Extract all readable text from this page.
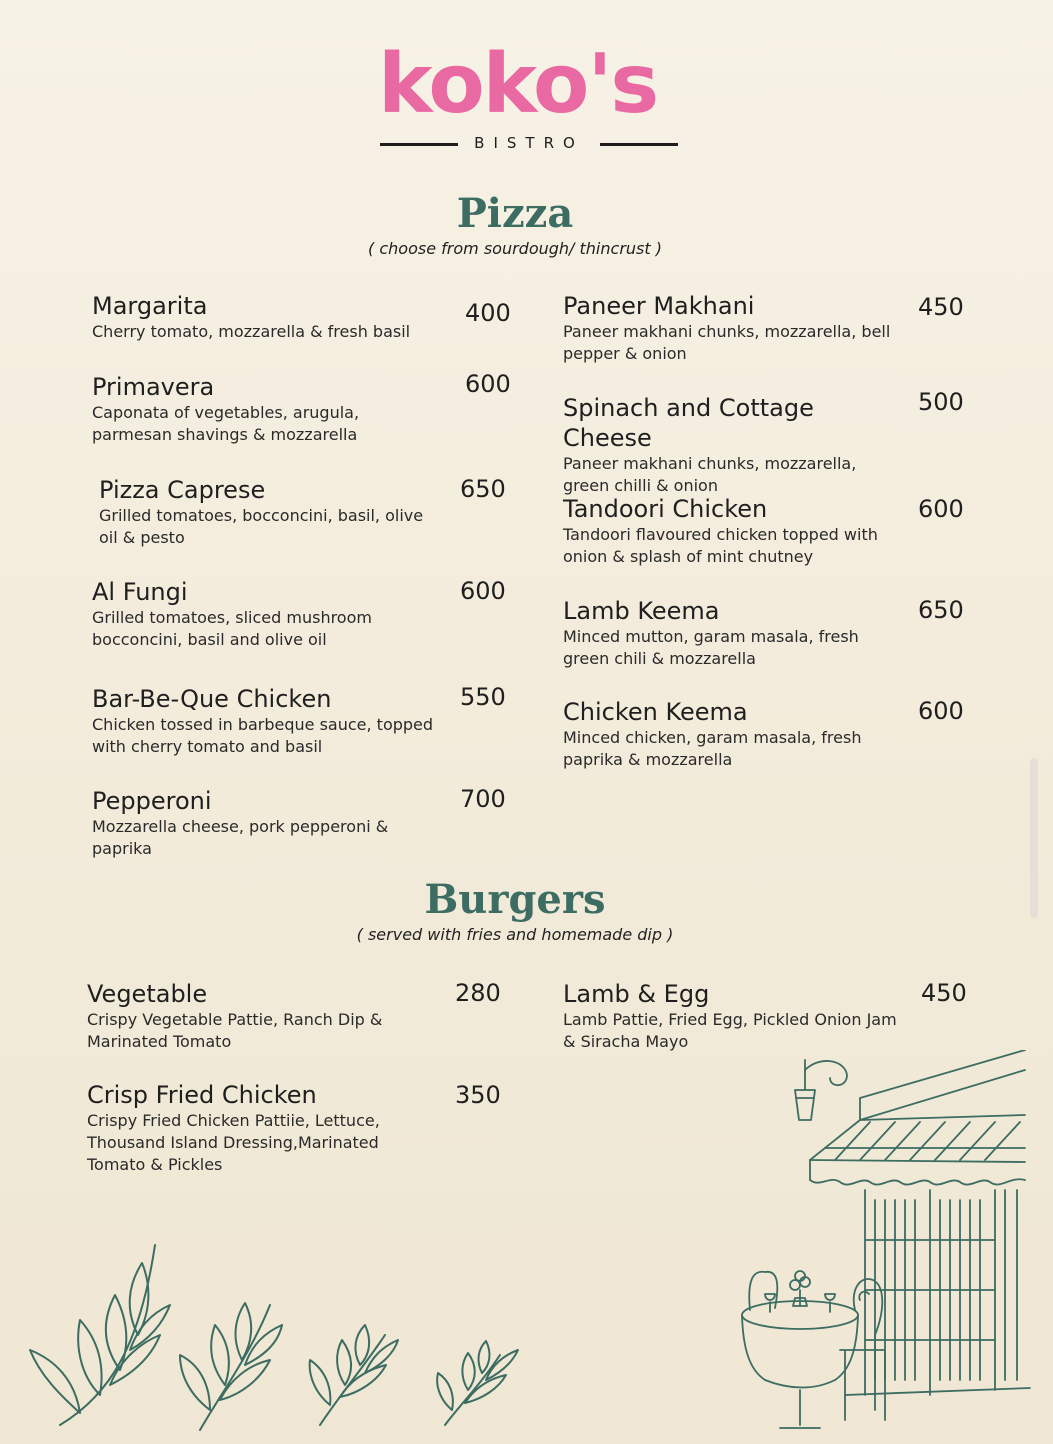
koko's
BISTRO
Pizza
( choose from sourdough/ thincrust )
Margarita
Cherry tomato, mozzarella & fresh basil
400
Primavera
Caponata of vegetables, arugula, parmesan shavings & mozzarella
600
Pizza Caprese
Grilled tomatoes, bocconcini, basil, olive oil & pesto
650
Al Fungi
Grilled tomatoes, sliced mushroom bocconcini, basil and olive oil
600
Bar-Be-Que Chicken
Chicken tossed in barbeque sauce, topped with cherry tomato and basil
550
Pepperoni
Mozzarella cheese, pork pepperoni & paprika
700
Paneer Makhani
Paneer makhani chunks, mozzarella, bell pepper & onion
450
Spinach and Cottage Cheese
Paneer makhani chunks, mozzarella, green chilli & onion
500
Tandoori Chicken
Tandoori flavoured chicken topped with onion & splash of mint chutney
600
Lamb Keema
Minced mutton, garam masala, fresh green chili & mozzarella
650
Chicken Keema
Minced chicken, garam masala, fresh paprika & mozzarella
600
Burgers
( served with fries and homemade dip )
Vegetable
Crispy Vegetable Pattie, Ranch Dip & Marinated Tomato
280
Crisp Fried Chicken
Crispy Fried Chicken Pattiie, Lettuce, Thousand Island Dressing,Marinated Tomato & Pickles
350
Lamb & Egg
Lamb Pattie, Fried Egg, Pickled Onion Jam & Siracha Mayo
450
